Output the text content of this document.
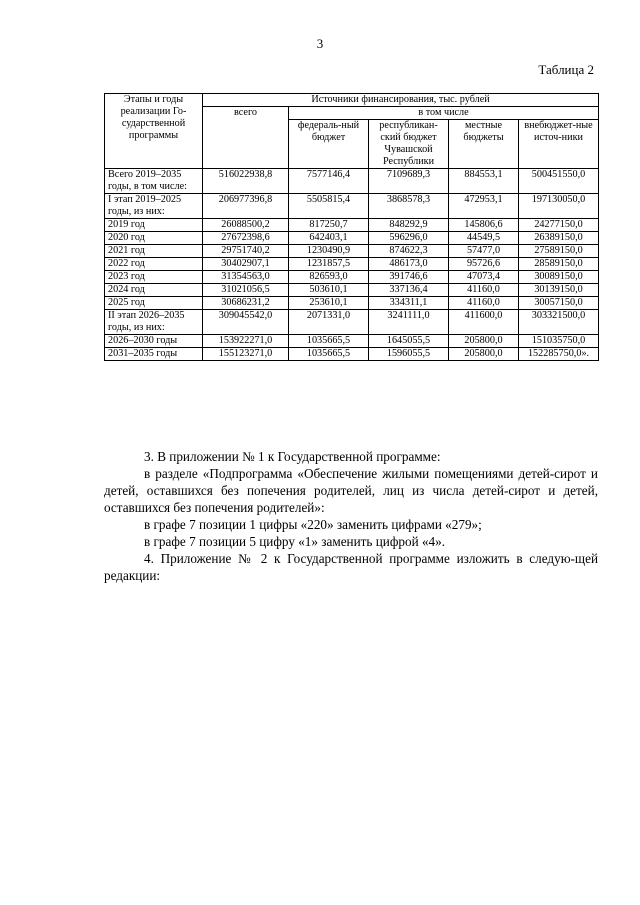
3
Таблица 2
Этапы и годы реализации Го-сударственной программы	Источники финансирования, тыс. рублей				
	всего	в том числе			
		федераль-ный бюджет	республикан-ский бюджет Чувашской Республики	местные бюджеты	внебюджет-ные источ-ники
Всего 2019–2035 годы, в том числе:	516022938,8	7577146,4	7109689,3	884553,1	500451550,0
I этап 2019–2025 годы, из них:	206977396,8	5505815,4	3868578,3	472953,1	197130050,0
2019 год	26088500,2	817250,7	848292,9	145806,6	24277150,0
2020 год	27672398,6	642403,1	596296,0	44549,5	26389150,0
2021 год	29751740,2	1230490,9	874622,3	57477,0	27589150,0
2022 год	30402907,1	1231857,5	486173,0	95726,6	28589150,0
2023 год	31354563,0	826593,0	391746,6	47073,4	30089150,0
2024 год	31021056,5	503610,1	337136,4	41160,0	30139150,0
2025 год	30686231,2	253610,1	334311,1	41160,0	30057150,0
II этап 2026–2035 годы, из них:	309045542,0	2071331,0	3241111,0	411600,0	303321500,0
2026–2030 годы	153922271,0	1035665,5	1645055,5	205800,0	151035750,0
2031–2035 годы	155123271,0	1035665,5	1596055,5	205800,0	152285750,0».
3. В приложении № 1 к Государственной программе:
в разделе «Подпрограмма «Обеспечение жилыми помещениями детей-сирот и детей, оставшихся без попечения родителей, лиц из числа детей-сирот и детей, оставшихся без попечения родителей»:
в графе 7 позиции 1 цифры «220» заменить цифрами «279»;
в графе 7 позиции 5 цифру «1» заменить цифрой «4».
4. Приложение № 2 к Государственной программе изложить в следую-щей редакции:
